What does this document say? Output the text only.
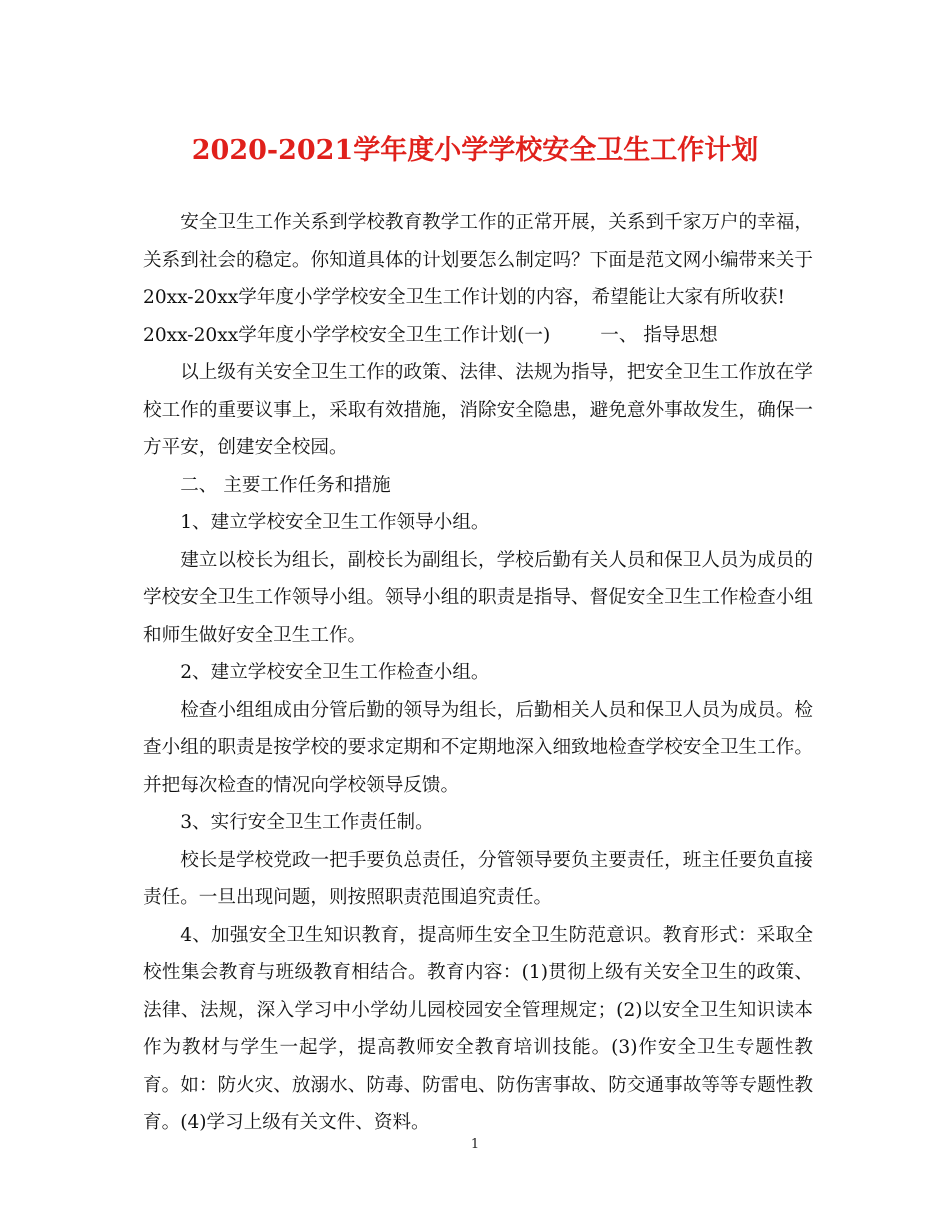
2020-2021学年度小学学校安全卫生工作计划

安全卫生工作关系到学校教育教学工作的正常开展，关系到千家万户的幸福，关系到社会的稳定。你知道具体的计划要怎么制定吗？下面是范文网小编带来关于20xx-20xx学年度小学学校安全卫生工作计划的内容，希望能让大家有所收获!

20xx-20xx学年度小学学校安全卫生工作计划(一)	一、 指导思想

以上级有关安全卫生工作的政策、法律、法规为指导，把安全卫生工作放在学校工作的重要议事上，采取有效措施，消除安全隐患，避免意外事故发生，确保一方平安，创建安全校园。

二、 主要工作任务和措施

1、建立学校安全卫生工作领导小组。

建立以校长为组长，副校长为副组长，学校后勤有关人员和保卫人员为成员的学校安全卫生工作领导小组。领导小组的职责是指导、督促安全卫生工作检查小组和师生做好安全卫生工作。

2、建立学校安全卫生工作检查小组。

检查小组组成由分管后勤的领导为组长，后勤相关人员和保卫人员为成员。检查小组的职责是按学校的要求定期和不定期地深入细致地检查学校安全卫生工作。并把每次检查的情况向学校领导反馈。

3、实行安全卫生工作责任制。

校长是学校党政一把手要负总责任，分管领导要负主要责任，班主任要负直接责任。一旦出现问题，则按照职责范围追究责任。

4、加强安全卫生知识教育，提高师生安全卫生防范意识。教育形式：采取全校性集会教育与班级教育相结合。教育内容：(1)贯彻上级有关安全卫生的政策、法律、法规，深入学习中小学幼儿园校园安全管理规定；(2)以安全卫生知识读本作为教材与学生一起学，提高教师安全教育培训技能。(3)作安全卫生专题性教育。如：防火灾、放溺水、防毒、防雷电、防伤害事故、防交通事故等等专题性教育。(4)学习上级有关文件、资料。

1
